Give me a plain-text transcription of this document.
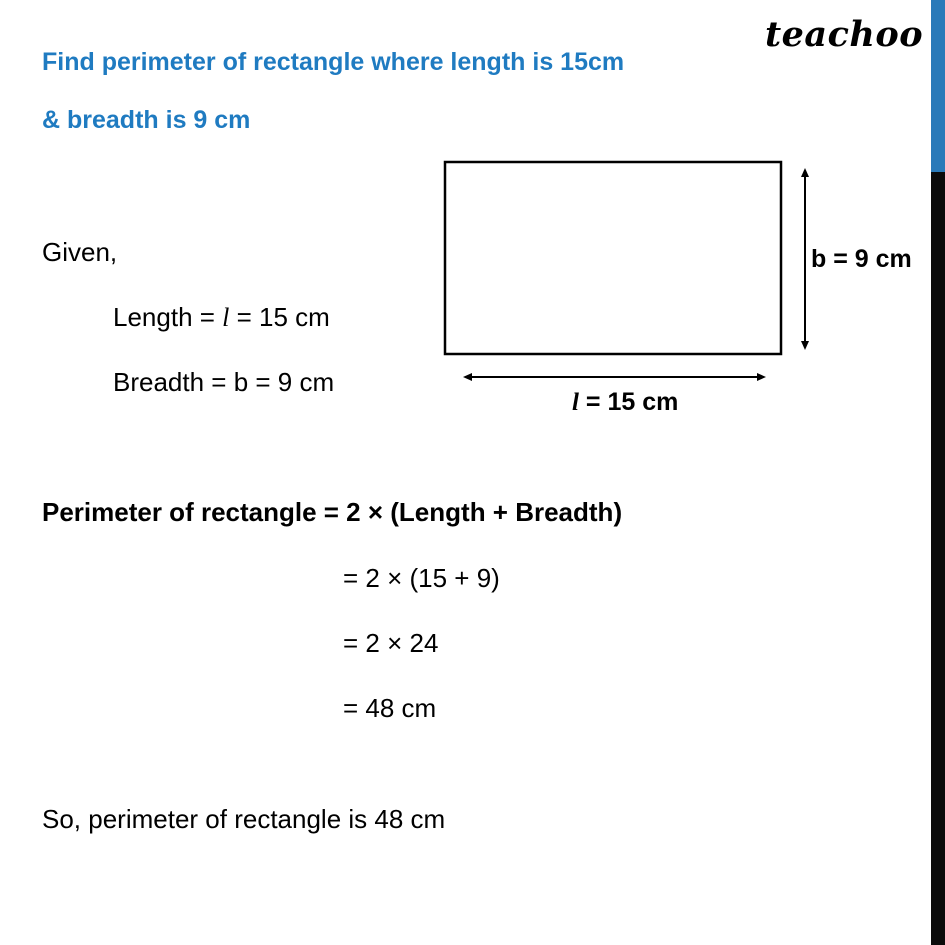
teachoo
Find perimeter of rectangle where length is 15cm
& breadth is 9 cm
Given,
Length = l = 15 cm
Breadth = b = 9 cm
b = 9 cm
l = 15 cm
Perimeter of rectangle = 2 × (Length + Breadth)
= 2 × (15 + 9)
= 2 × 24
= 48 cm
So, perimeter of rectangle is 48 cm
